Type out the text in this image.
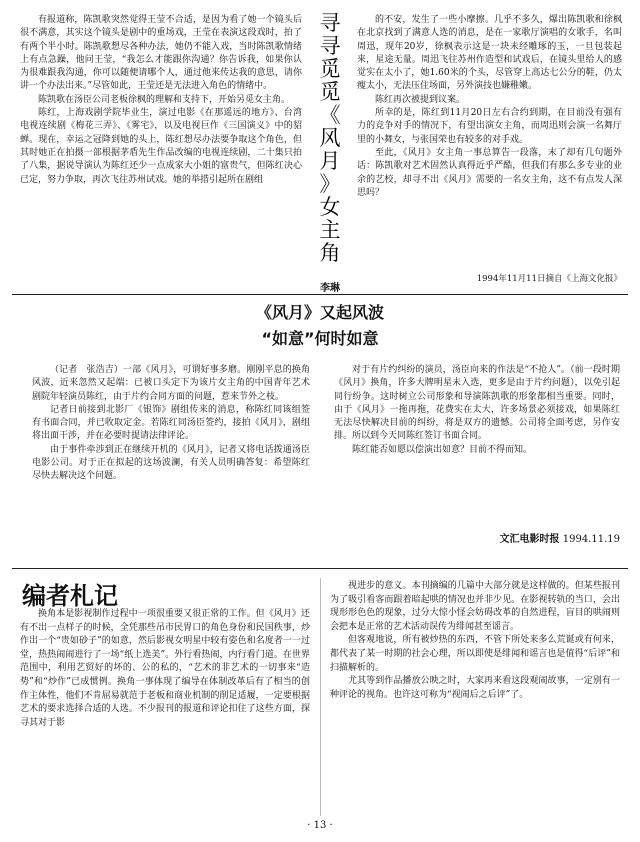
有报道称，陈凯歌突然觉得王莹不合适，是因为看了她一个镜头后很不满意，其实这个镜头是剧中的重场戏，王莹在表演这段戏时，拍了有两个半小时。陈凯歌想尽各种办法，她仍不能入戏，当时陈凯歌情绪上有点急躁，他问王莹，“我怎么才能跟你沟通？你告诉我，如果你认为很难跟我沟通，你可以随便请哪个人，通过他来传达我的意思，请你讲一个办法出来。”尽管如此，王莹还是无法进入角色的情绪中。

陈凯歌在汤臣公司老板徐枫的理解和支持下，开始另觅女主角。

陈红，上海戏剧学院毕业生，演过电影《在那遥远的地方》、台湾电视连续剧《梅花三弄》、《雾宅》，以及电视巨作《三国演义》中的貂蝉。现在，幸运之冠降到她的头上，陈红想尽办法要争取这个角色，但其时她正在拍摄一部根据茅盾先生作品改编的电视连续剧，二十集只拍了八集，据说导演认为陈红还少一点成家大小姐的富贵气，但陈红决心已定，努力争取，再次飞往苏州试戏。她的举措引起所在剧组

寻
寻
觅
觅
《
风
月
》
女
主
角
李琳

的不安，发生了一些小摩擦。几乎不多久，爆出陈凯歌和徐枫在北京找到了满意人选的消息，是在一家歌厅演唱的女歌手，名叫周迅，现年20岁，徐枫表示这是一块未经雕琢的玉，一旦包装起来，星途无量。周迅飞往苏州作造型和试戏后，在镜头里给人的感觉实在太小了，她1.60米的个头，尽管穿上高达七公分的鞋，仍太瘦太小，无法压住场面，另外演技也嫌稚嫩。

陈红再次被提到议案。

所幸的是，陈红到11月20日左右合约到期，在目前没有强有力的竞争对手的情况下，有望出演女主角，而周迅则会演一名舞厅里的小舞女，与张国荣也有较多的对手戏。

至此，《风月》女主角一事总算告一段落，末了却有几句题外话：陈凯歌对艺术固然认真得近乎严酷，但我们有那么多专业的业余的艺校，却寻不出《风月》需要的一名女主角，这不有点发人深思吗？

1994年11月11日摘自《上海文化报》
《风月》又起风波
“如意”何时如意

（记者　张浩吉）一部《风月》，可谓好事多磨。刚刚平息的换角风波，近来忽然又起端：已被口头定下为该片女主角的中国青年艺术剧院年轻演员陈红，由于片约合同方面的问题，惹来节外之枝。

记者日前接到北影厂《银饰》剧组传来的消息，称陈红同该组签有书面合同，并已收取定金。若陈红同汤臣签约，接拍《风月》，剧组将出面干涉，并在必要时提请法律评论。

由于事件牵涉到正在继续开机的《风月》，记者又将电话拨通汤臣电影公司。对于正在拟起的这场波澜，有关人员明确答复：希望陈红尽快去解决这个问题。

对于有片约纠纷的演员，汤臣向来的作法是“不抢人”。（前一段时期《风月》换角，许多大牌明星未入选，更多是由于片约问题），以免引起同行纷争。这时树立公司形象和导演陈凯歌的形象都相当重要。同时，由于《风月》一拖再拖，花费实在太大，许多场景必须接戏，如果陈红无法尽快解决目前的纠纷，将是双方的遗憾。公司将全面考虑，另作安排。所以到今天同陈红签订书面合同。

陈红能否如愿以偿演出如意？目前不得而知。

文汇电影时报 1994.11.19
编者札记

换角本是影视制作过程中一项很重要又很正常的工作。但《风月》还有不出一点样子的时候，全凭那些吊市民胃口的角色身份和民国秩事，炒作出一个“贵如砂子”的如意，然后影视女明星中较有姿色和名度者一一过堂，热热闹闹进行了一场“纸上选美”。外行看热闹，内行看门道。在世界范围中，利用艺贸好的坏的、公的私的，“艺术的非艺术的一切事来“造势”和“炒作”已成惯例。换角一事体现了编导在体制改革后有了相当的创作主体性，他们不肯屈易就范于老板和商业机制的削足适履，一定要根据艺术的要求选择合适的人选。不少报刊的报道和评论扣住了这些方面，探寻其对于影

视进步的意义。本刊摘编的几篇中大部分就是这样做的。但某些报刊为了吸引看客而跟着暗起哄的情况也并非少见。在影视转轨的当口，会出现形形色色的现象，过分大惊小怪会妨碍改革的自然进程，盲目的哄闹则会把本是正常的艺术活动误传为绯闻甚至谣言。

但客观地说，所有被炒热的东西，不管下所处来多么荒诞或有何来，都代表了某一时期的社会心理，所以即使是绯闻和谣言也是值得“后评”和扫描解析的。

尤其等到作品播放公映之时，大家再来看这段观闹故事，一定别有一种评论的视角。也许这可称为“视闹后之后评”了。

· 13 ·
